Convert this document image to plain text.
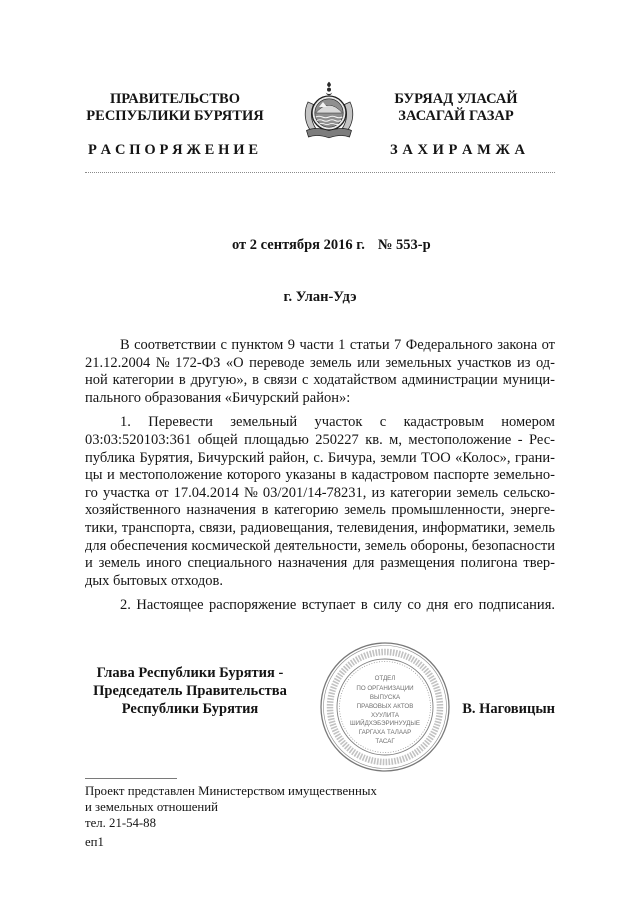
ПРАВИТЕЛЬСТВО
РЕСПУБЛИКИ БУРЯТИЯ
БУРЯАД УЛАСАЙ
ЗАСАГАЙ ГАЗАР
Р А С П О Р Я Ж Е Н И Е	З А Х И Р А М Ж А
от 2 сентября 2016 г. № 553-р
г. Улан-Удэ
В соответствии с пунктом 9 части 1 статьи 7 Федерального закона от
21.12.2004 № 172-ФЗ «О переводе земель или земельных участков из од-
ной категории в другую», в связи с ходатайством администрации муници-
пального образования «Бичурский район»:
1. Перевести земельный участок с кадастровым номером
03:03:520103:361 общей площадью 250227 кв. м, местоположение - Рес-
публика Бурятия, Бичурский район, с. Бичура, земли ТОО «Колос», грани-
цы и местоположение которого указаны в кадастровом паспорте земельно-
го участка от 17.04.2014 № 03/201/14-78231, из категории земель сельско-
хозяйственного назначения в категорию земель промышленности, энерге-
тики, транспорта, связи, радиовещания, телевидения, информатики, земель
для обеспечения космической деятельности, земель обороны, безопасности
и земель иного специального назначения для размещения полигона твер-
дых бытовых отходов.
2. Настоящее распоряжение вступает в силу со дня его подписания.
Глава Республики Бурятия -
Председатель Правительства
Республики Бурятия
ОТДЕЛ
ПО ОРГАНИЗАЦИИ
ВЫПУСКА
ПРАВОВЫХ АКТОВ
ХУУЛИТА
ШИЙДХЭБЭРИНУУДЫЕ
ГАРГАХА ТАЛААР
ТАСАГ
В. Наговицын
Проект представлен Министерством имущественных
и земельных отношений
тел. 21-54-88
еп1
